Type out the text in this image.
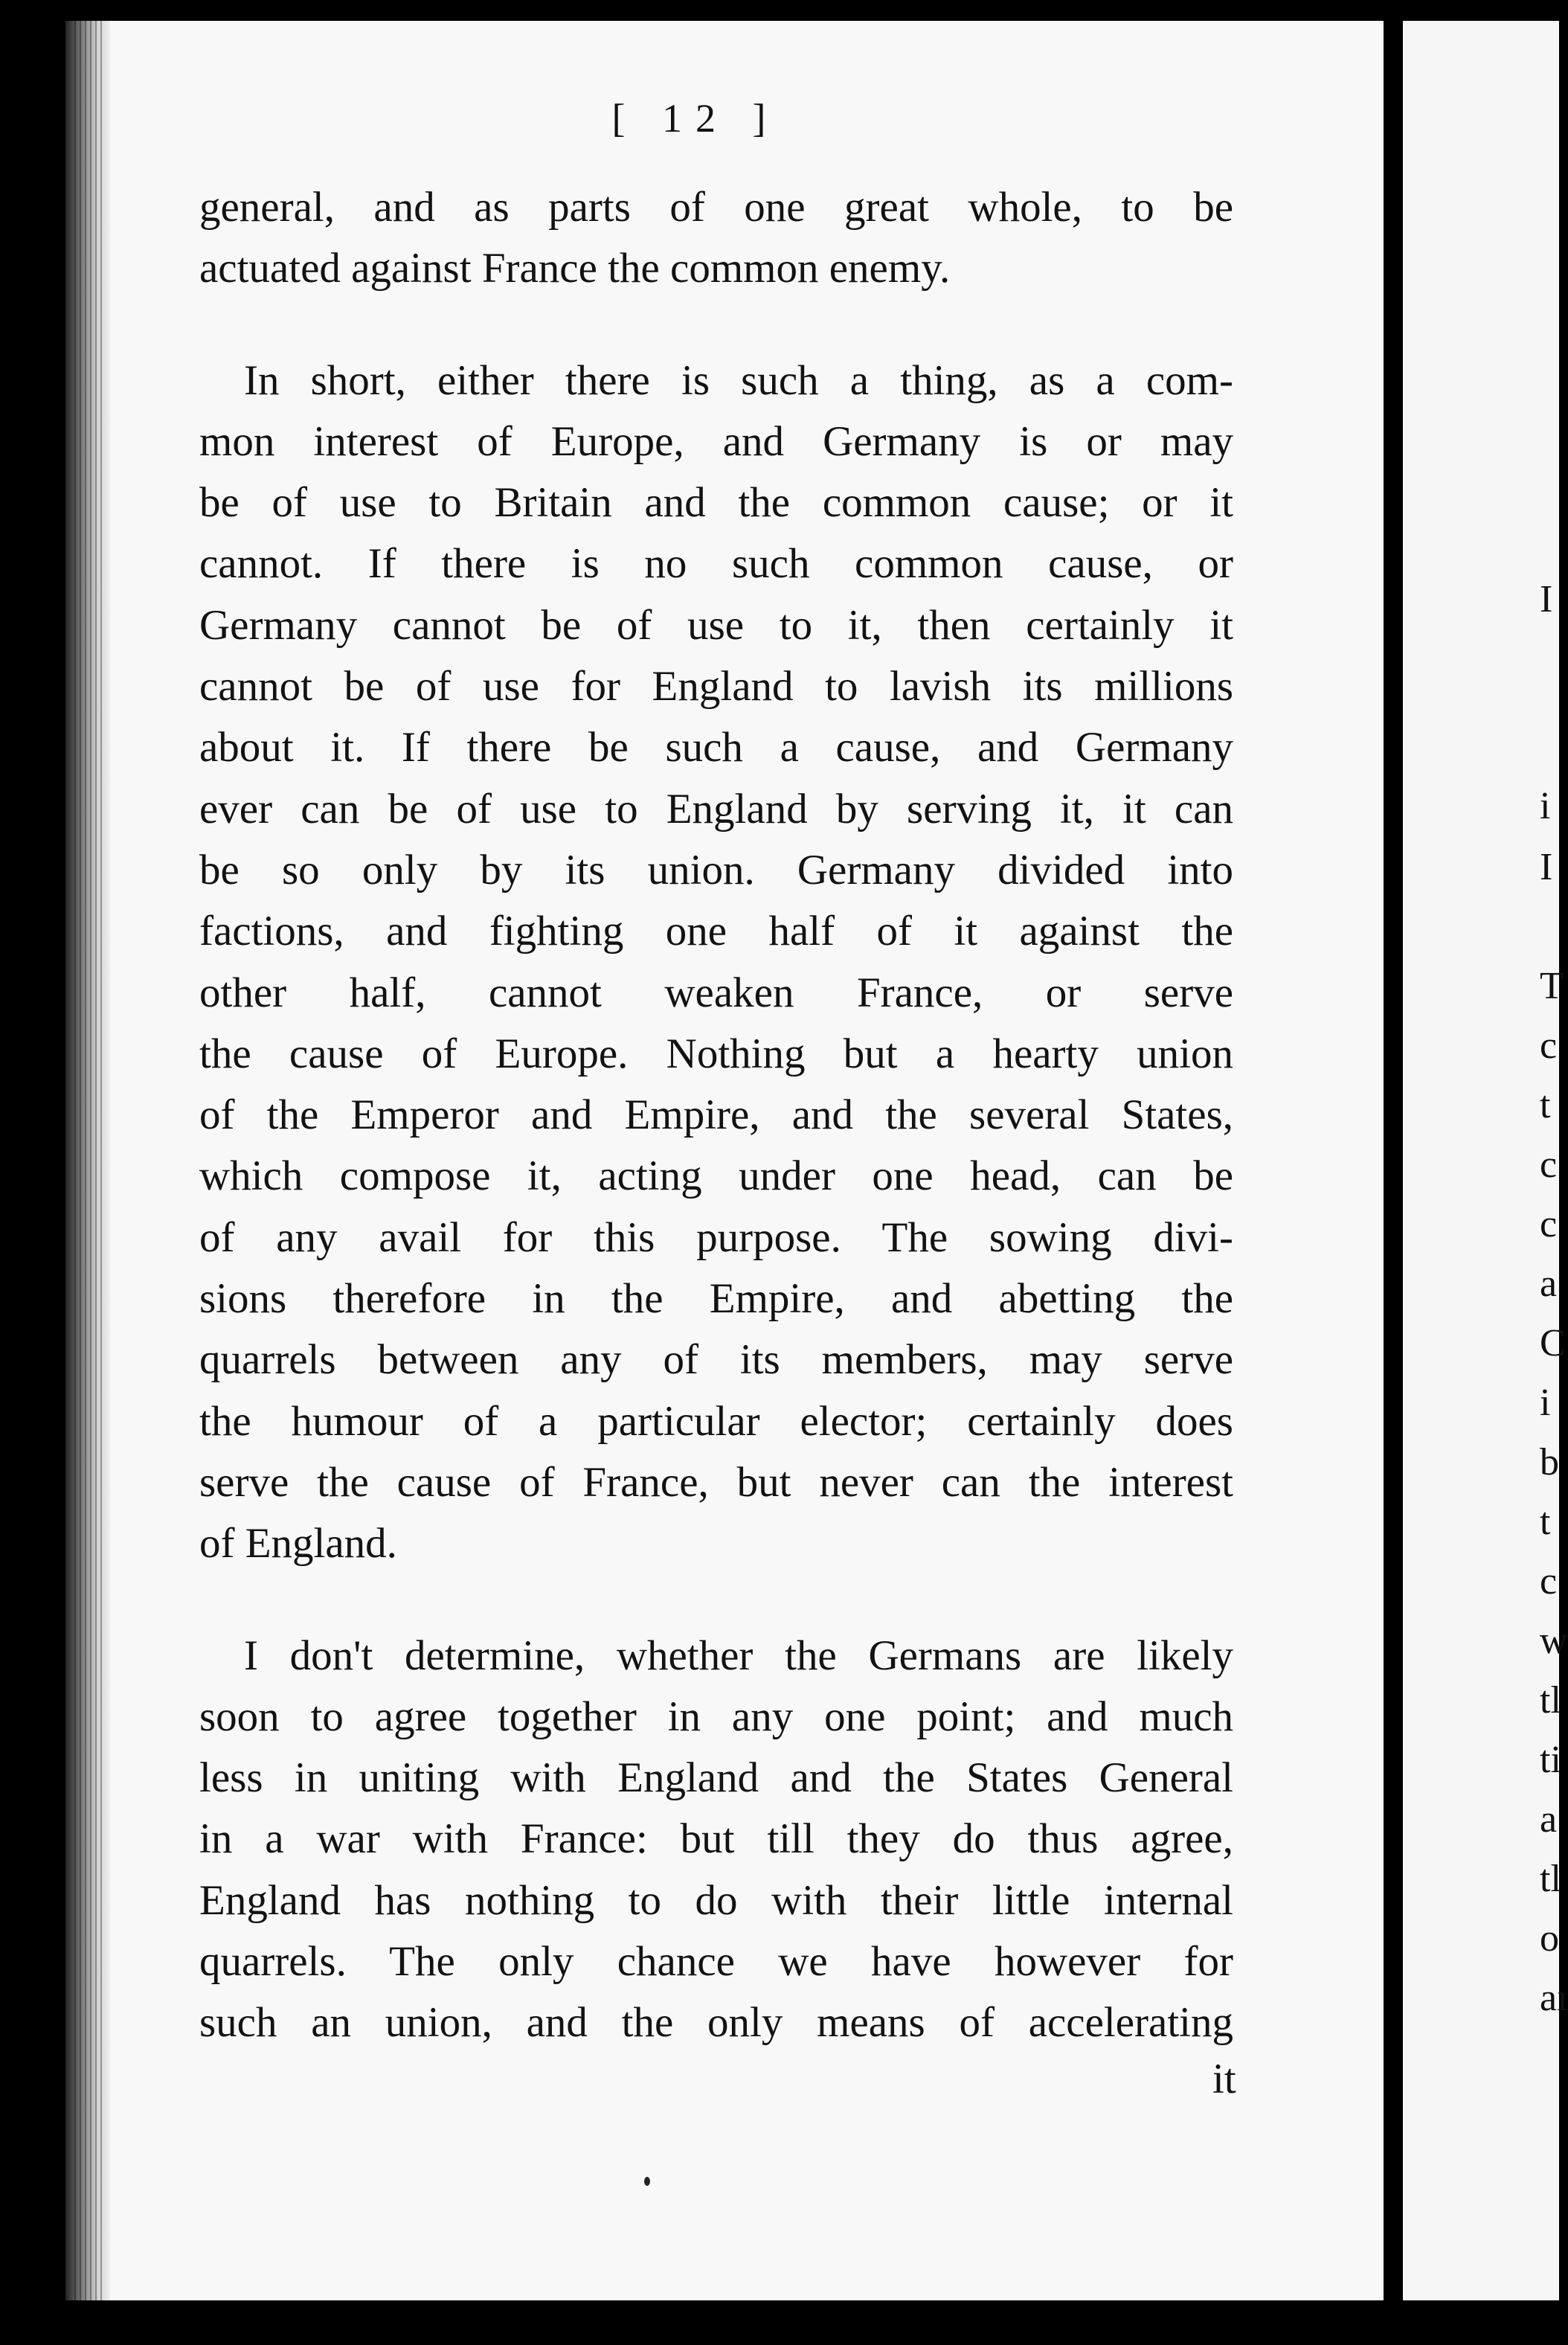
[ 12 ]
general, and as parts of one great whole, to be
actuated against France the common enemy.
In short, either there is such a thing, as a com-
mon interest of Europe, and Germany is or may
be of use to Britain and the common cause; or it
cannot. If there is no such common cause, or
Germany cannot be of use to it, then certainly it
cannot be of use for England to lavish its millions
about it. If there be such a cause, and Germany
ever can be of use to England by serving it, it can
be so only by its union. Germany divided into
factions, and fighting one half of it against the
other half, cannot weaken France, or serve
the cause of Europe. Nothing but a hearty union
of the Emperor and Empire, and the several States,
which compose it, acting under one head, can be
of any avail for this purpose. The sowing divi-
sions therefore in the Empire, and abetting the
quarrels between any of its members, may serve
the humour of a particular elector; certainly does
serve the cause of France, but never can the interest
of England.
I don't determine, whether the Germans are likely
soon to agree together in any one point; and much
less in uniting with England and the States General
in a war with France: but till they do thus agree,
England has nothing to do with their little internal
quarrels. The only chance we have however for
such an union, and the only means of accelerating
it
I
i
I
T
c
t
c
c
a
C
i
b
t
c
w
tl
ti
a
tl
o
aı
